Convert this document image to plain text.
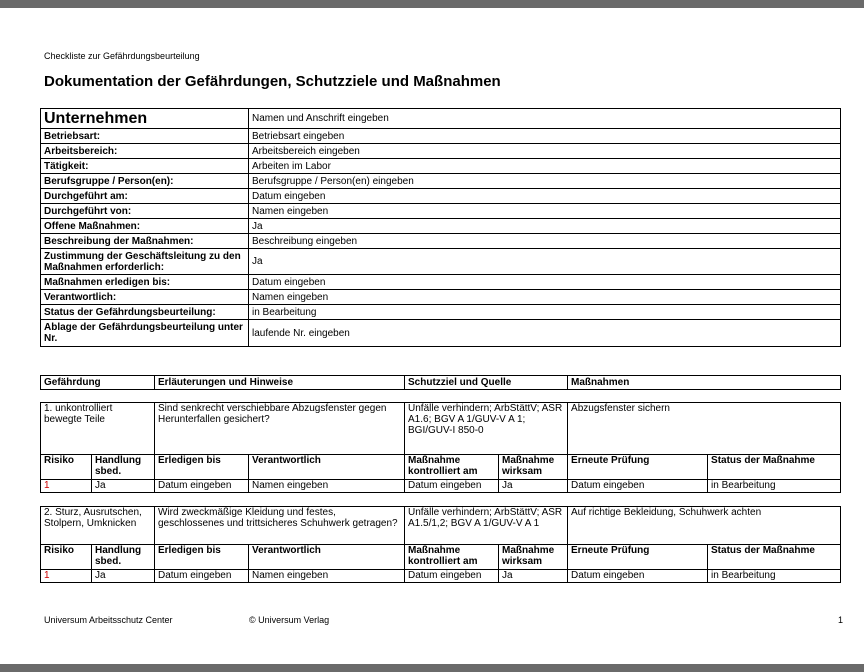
Checkliste zur Gefährdungsbeurteilung
Dokumentation der Gefährdungen, Schutzziele und Maßnahmen
Unternehmen	Namen und Anschrift eingeben
Betriebsart:	Betriebsart eingeben
Arbeitsbereich:	Arbeitsbereich eingeben
Tätigkeit:	Arbeiten im Labor
Berufsgruppe / Person(en):	Berufsgruppe / Person(en) eingeben
Durchgeführt am:	Datum eingeben
Durchgeführt von:	Namen eingeben
Offene Maßnahmen:	Ja
Beschreibung der Maßnahmen:	Beschreibung eingeben
Zustimmung der Geschäftsleitung zu den Maßnahmen erforderlich:	Ja
Maßnahmen erledigen bis:	Datum eingeben
Verantwortlich:	Namen eingeben
Status der Gefährdungsbeurteilung:	in Bearbeitung
Ablage der Gefährdungsbeurteilung unter Nr.	laufende Nr. eingeben
Gefährdung	Erläuterungen und Hinweise	Schutzziel und Quelle	Maßnahmen
1. unkontrolliert bewegte Teile		Sind senkrecht verschiebbare Abzugsfenster gegen Herunterfallen gesichert?		Unfälle verhindern; ArbStättV; ASR A1.6; BGV A 1/GUV-V A 1; BGI/GUV-I 850-0		Abzugsfenster sichern	
Risiko	Handlung sbed.	Erledigen bis	Verantwortlich	Maßnahme kontrolliert am	Maßnahme wirksam	Erneute Prüfung	Status der Maßnahme
1	Ja	Datum eingeben	Namen eingeben	Datum eingeben	Ja	Datum eingeben	in Bearbeitung
2. Sturz, Ausrutschen, Stolpern, Umknicken		Wird zweckmäßige Kleidung und festes, geschlossenes und trittsicheres Schuhwerk getragen?		Unfälle verhindern; ArbStättV; ASR A1.5/1,2; BGV A 1/GUV-V A 1		Auf richtige Bekleidung, Schuhwerk achten	
Risiko	Handlung sbed.	Erledigen bis	Verantwortlich	Maßnahme kontrolliert am	Maßnahme wirksam	Erneute Prüfung	Status der Maßnahme
1	Ja	Datum eingeben	Namen eingeben	Datum eingeben	Ja	Datum eingeben	in Bearbeitung
Universum Arbeitsschutz Center	© Universum Verlag	1
